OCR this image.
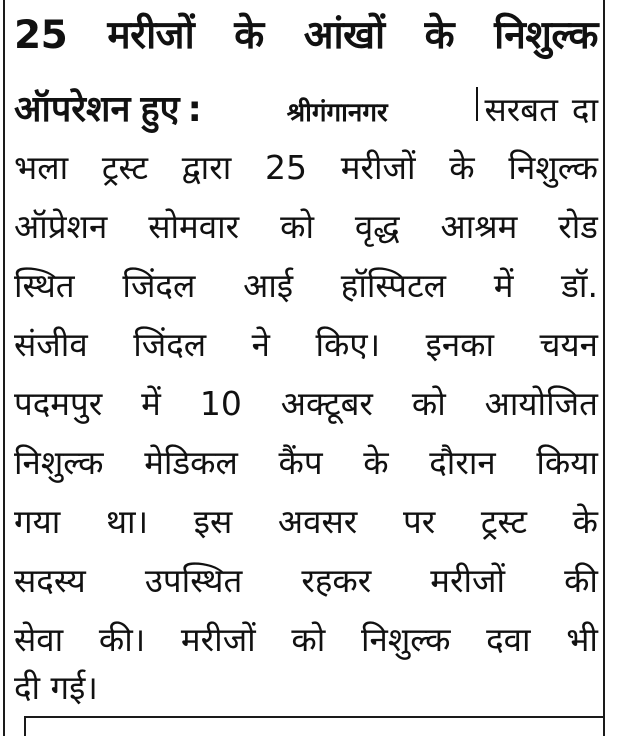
25 मरीजों के आंखों के निशुल्क
ऑपरेशन हुए :	श्रीगंगानगर	सरबत दा
भला ट्रस्ट द्वारा 25 मरीजों के निशुल्क
ऑप्रेशन सोमवार को वृद्ध आश्रम रोड
स्थित जिंदल आई हॉस्पिटल में डॉ.
संजीव जिंदल ने किए। इनका चयन
पदमपुर में 10 अक्टूबर को आयोजित
निशुल्क मेडिकल कैंप के दौरान किया
गया था। इस अवसर पर ट्रस्ट के
सदस्य उपस्थित रहकर मरीजों की
सेवा की। मरीजों को निशुल्क दवा भी
दी गई।
